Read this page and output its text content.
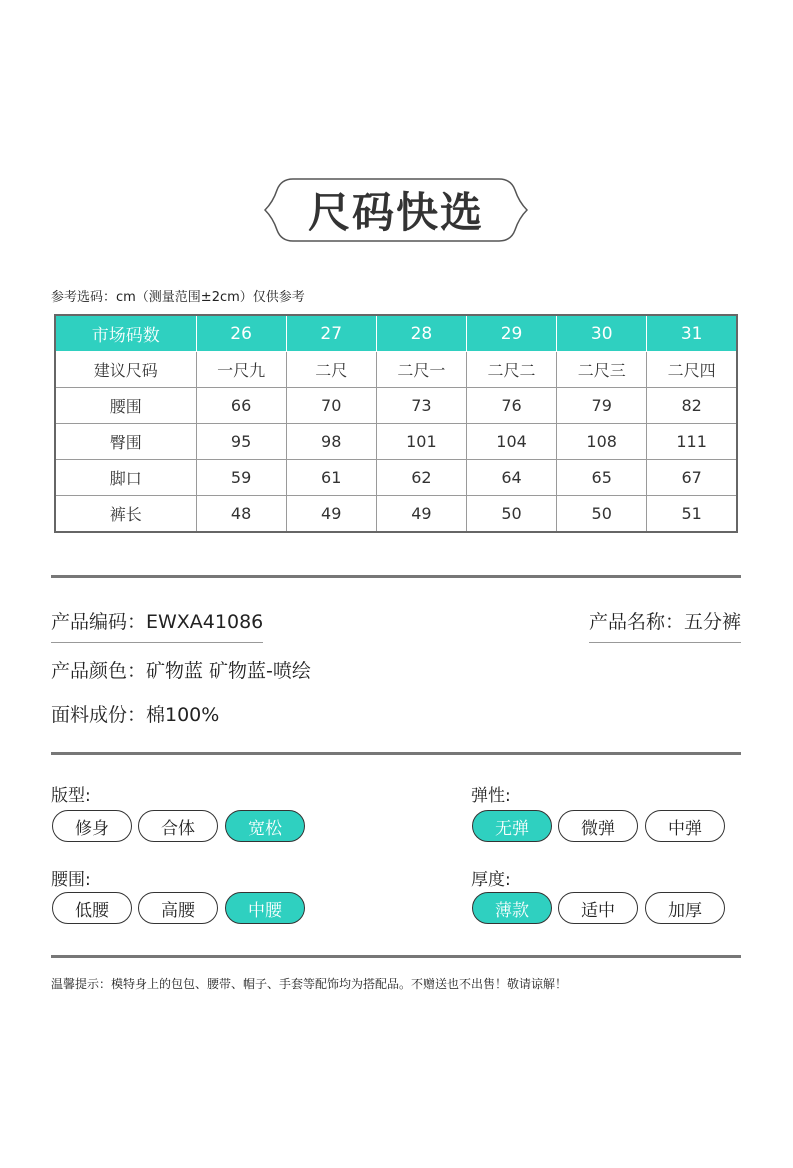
尺码快选
参考选码：cm（测量范围±2cm）仅供参考
市场码数	26	27	28	29	30	31
建议尺码	一尺九	二尺	二尺一	二尺二	二尺三	二尺四
腰围	66	70	73	76	79	82
臀围	95	98	101	104	108	111
脚口	59	61	62	64	65	67
裤长	48	49	49	50	50	51
产品编码：EWXA41086	产品名称：五分裤
产品颜色：矿物蓝 矿物蓝-喷绘
面料成份：棉100%
版型:	弹性:
腰围:	厚度:
修身	合体	宽松	无弹	微弹	中弹
低腰	高腰	中腰	薄款	适中	加厚
温馨提示：模特身上的包包、腰带、帽子、手套等配饰均为搭配品。不赠送也不出售！敬请谅解！
